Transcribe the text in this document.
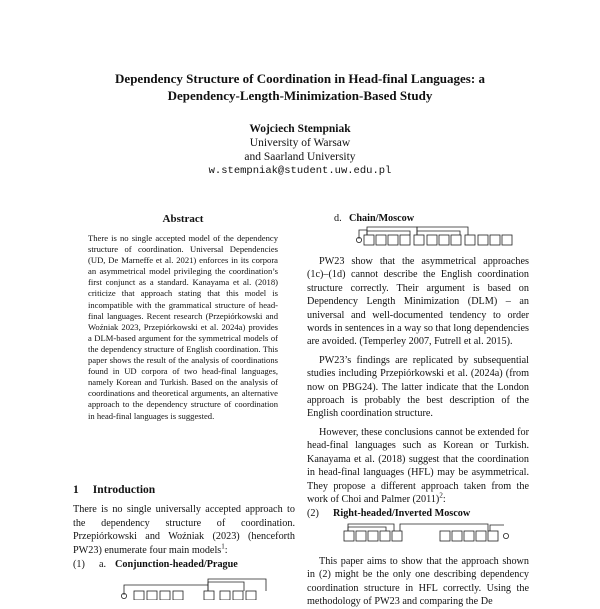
Dependency Structure of Coordination in Head-final Languages: a
Dependency-Length-Minimization-Based Study
Wojciech Stempniak
University of Warsaw
and Saarland University
w.stempniak@student.uw.edu.pl
Abstract
There is no single accepted model of the dependency structure of coordination. Universal Dependencies (UD, De Marneffe et al. 2021) enforces in its corpora an asymmetrical model privileging the coordination’s first conjunct as a standard. Kanayama et al. (2018) criticize that approach stating that this model is incompatible with the grammatical structure of head-final languages. Recent research (Przepiórkowski and Woźniak 2023, Przepiórkowski et al. 2024a) provides a DLM-based argument for the symmetrical models of the dependency structure of English coordination. This paper shows the result of the analysis of coordinations found in UD corpora of two head-final languages, namely Korean and Turkish. Based on the analysis of coordinations and theoretical arguments, an alternative approach to the dependency structure of coordination in head-final languages is suggested.
1 Introduction
There is no single universally accepted approach to the dependency structure of coordination. Przepiórkowski and Woźniak (2023) (henceforth PW23) enumerate four main models$^1$:
(1) a. Conjunction-headed/Prague
d. Chain/Moscow

PW23 show that the asymmetrical approaches (1c)–(1d) cannot describe the English coordination structure correctly. Their argument is based on Dependency Length Minimization (DLM) – an universal and well-documented tendency to order words in sentences in a way so that long dependencies are avoided. (Temperley 2007, Futrell et al. 2015).

PW23’s findings are replicated by subsequential studies including Przepiórkowski et al. (2024a) (from now on PBG24). The latter indicate that the London approach is probably the best description of the English coordination structure.

However, these conclusions cannot be extended for head-final languages such as Korean or Turkish. Kanayama et al. (2018) suggest that the coordination in head-final languages (HFL) may be asymmetrical. They propose a different approach taken from the work of Choi and Palmer $(2011)^2$:

(2) Right-headed/Inverted Moscow

This paper aims to show that the approach shown in (2) might be the only one describing dependency coordination structure in HFL correctly. Using the methodology of PW23 and comparing the De
